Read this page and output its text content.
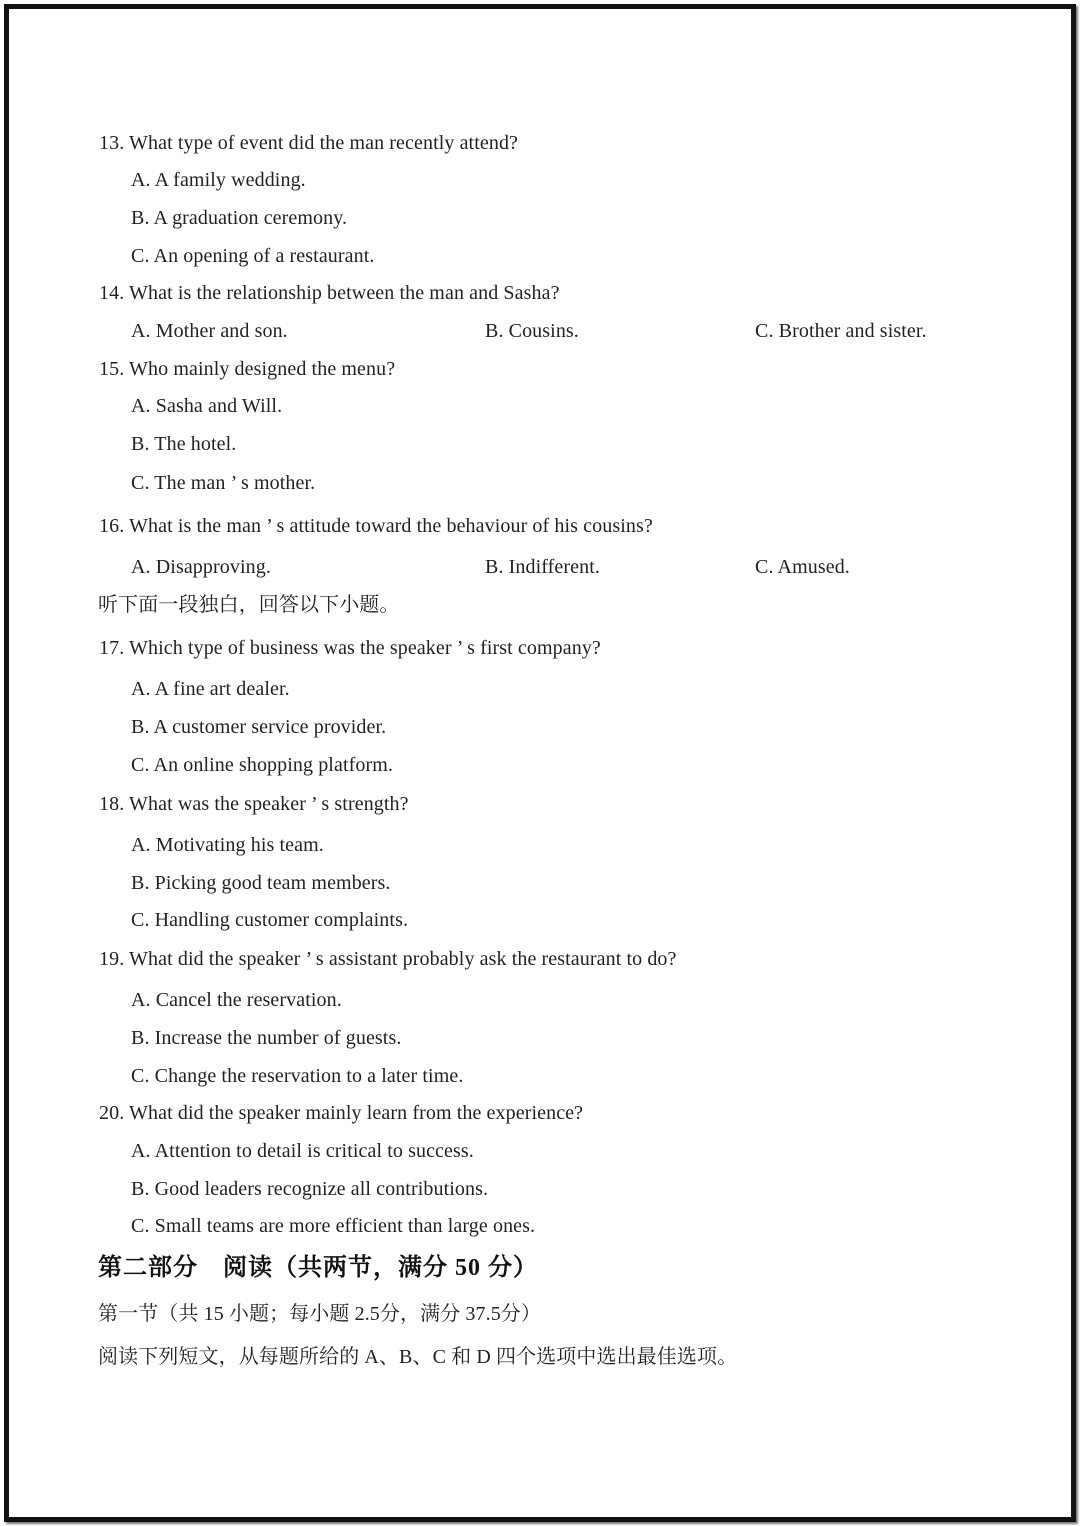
13. What type of event did the man recently attend?
A. A family wedding.
B. A graduation ceremony.
C. An opening of a restaurant.
14. What is the relationship between the man and Sasha?
A. Mother and son.	B. Cousins.	C. Brother and sister.
15. Who mainly designed the menu?
A. Sasha and Will.
B. The hotel.
C. The man ’ s mother.
16. What is the man ’ s attitude toward the behaviour of his cousins?
A. Disapproving.	B. Indifferent.	C. Amused.
听下面一段独白，回答以下小题。
17. Which type of business was the speaker ’ s first company?
A. A fine art dealer.
B. A customer service provider.
C. An online shopping platform.
18. What was the speaker ’ s strength?
A. Motivating his team.
B. Picking good team members.
C. Handling customer complaints.
19. What did the speaker ’ s assistant probably ask the restaurant to do?
A. Cancel the reservation.
B. Increase the number of guests.
C. Change the reservation to a later time.
20. What did the speaker mainly learn from the experience?
A. Attention to detail is critical to success.
B. Good leaders recognize all contributions.
C. Small teams are more efficient than large ones.
第二部分　阅读（共两节，满分 50 分）
第一节（共 15 小题；每小题 2.5分，满分 37.5分）
阅读下列短文，从每题所给的 A、B、C 和 D 四个选项中选出最佳选项。
